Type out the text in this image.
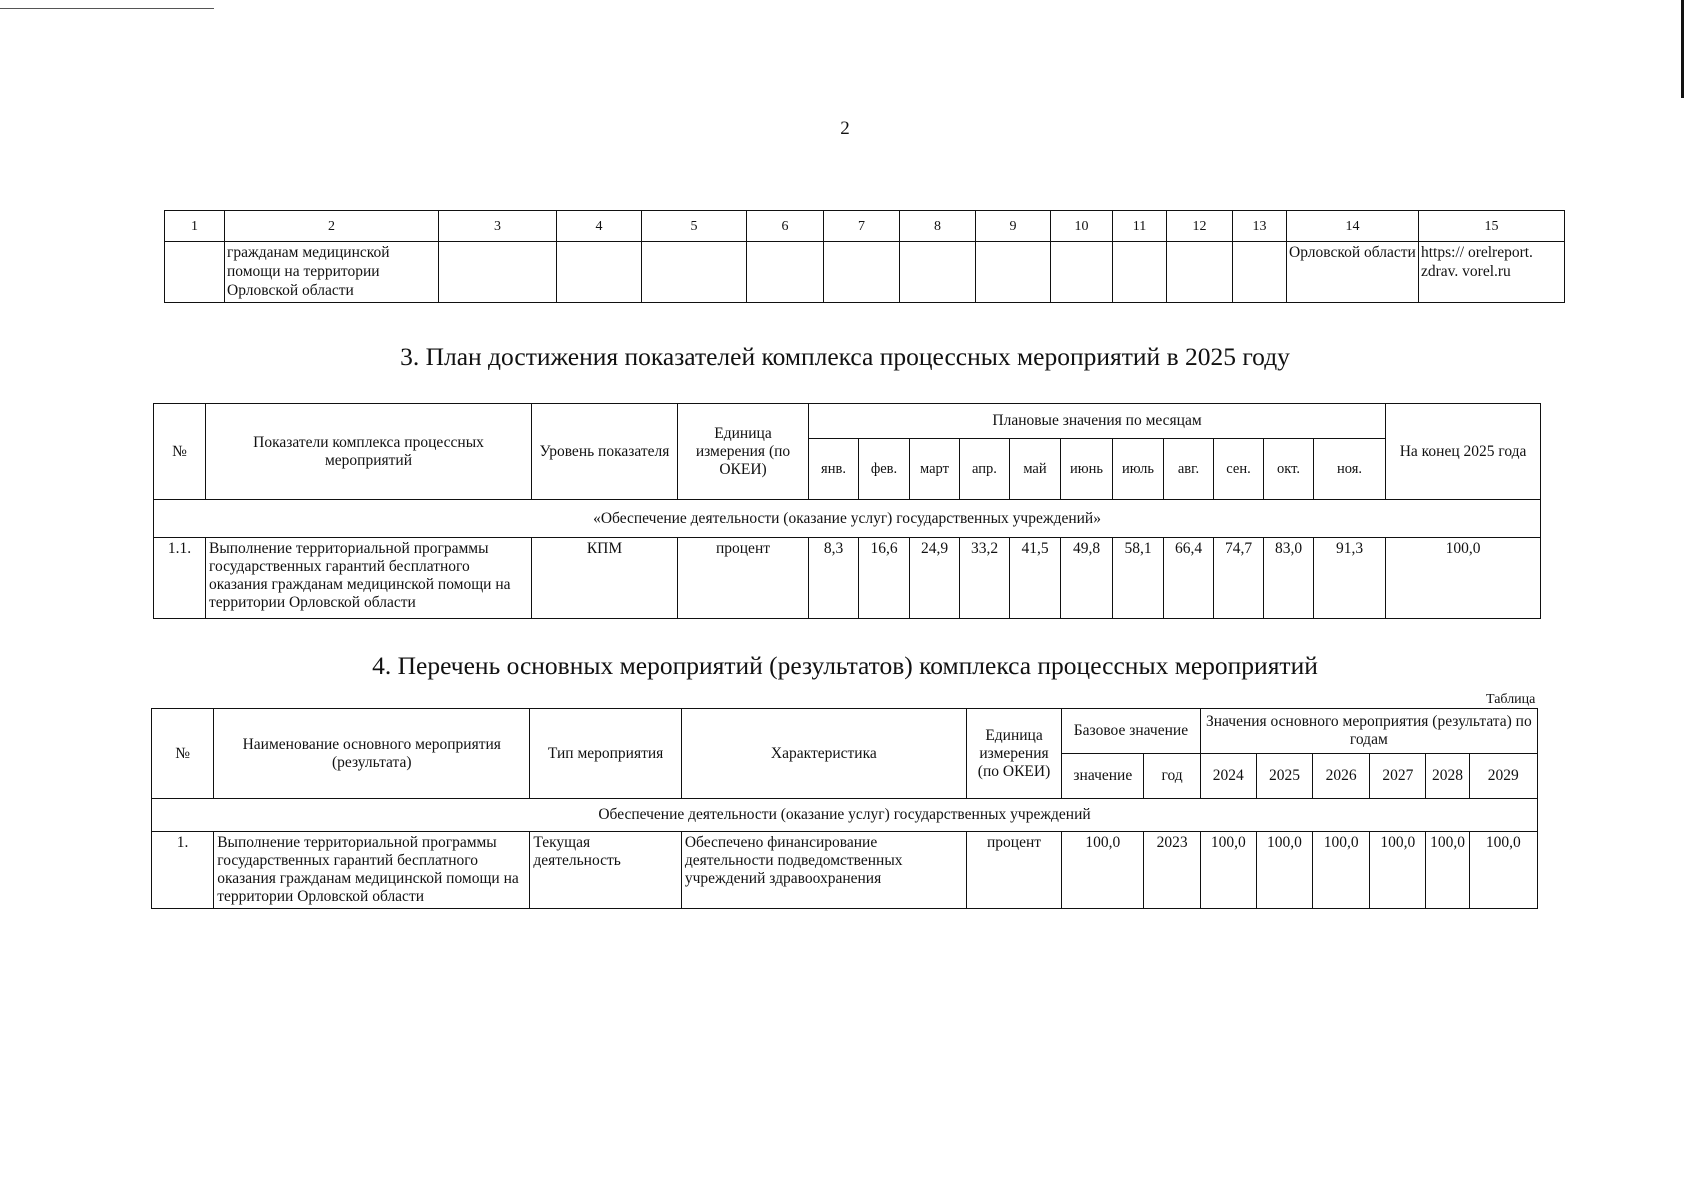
2
1	2	3	4	5	6	7	8	9	10	11	12	13	14	15
	гражданам медицинской помощи на территории Орловской области												Орловской области	https:// orelreport. zdrav. vorel.ru
3. План достижения показателей комплекса процессных мероприятий в 2025 году
№	Показатели комплекса процессных мероприятий	Уровень показателя	Единица измерения (по ОКЕИ)	Плановые значения по месяцам											На конец 2025 года
				янв.	фев.	март	апр.	май	июнь	июль	авг.	сен.	окт.	ноя.	
«Обеспечение деятельности (оказание услуг) государственных учреждений»															
1.1.	Выполнение территориальной программы государственных гарантий бесплатного оказания гражданам медицинской помощи на территории Орловской области	КПМ	процент	8,3	16,6	24,9	33,2	41,5	49,8	58,1	66,4	74,7	83,0	91,3	100,0
4. Перечень основных мероприятий (результатов) комплекса процессных мероприятий
Таблица
№	Наименование основного мероприятия (результата)	Тип мероприятия	Характеристика	Единица измерения (по ОКЕИ)	Базовое значение		Значения основного мероприятия (результата) по годам					
					значение	год	2024	2025	2026	2027	2028	2029
Обеспечение деятельности (оказание услуг) государственных учреждений												
1.	Выполнение территориальной программы государственных гарантий бесплатного оказания гражданам медицинской помощи на территории Орловской области	Текущая деятельность	Обеспечено финансирование деятельности подведомственных учреждений здравоохранения	процент	100,0	2023	100,0	100,0	100,0	100,0	100,0	100,0
